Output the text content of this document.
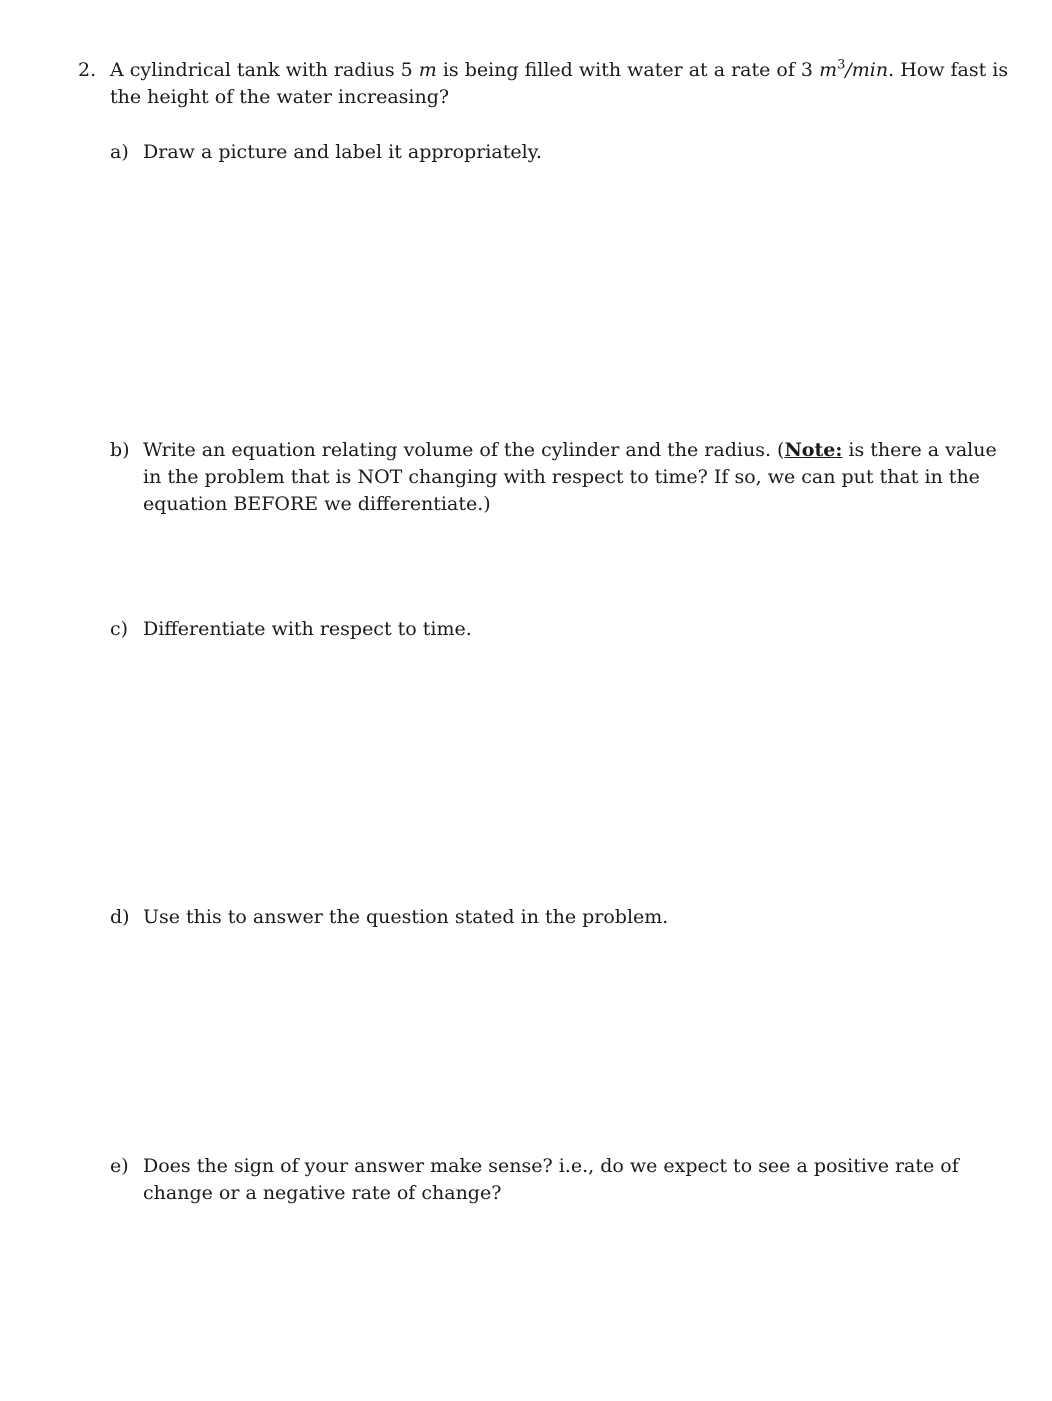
2. A cylindrical tank with radius 5 m is being filled with water at a rate of 3 $m^3/\min$. How fast is the height of the water increasing?
a) Draw a picture and label it appropriately.
b) Write an equation relating volume of the cylinder and the radius. (Note: is there a value in the problem that is NOT changing with respect to time? If so, we can put that in the equation BEFORE we differentiate.)
c) Differentiate with respect to time.
d) Use this to answer the question stated in the problem.
e) Does the sign of your answer make sense? i.e., do we expect to see a positive rate of change or a negative rate of change?
